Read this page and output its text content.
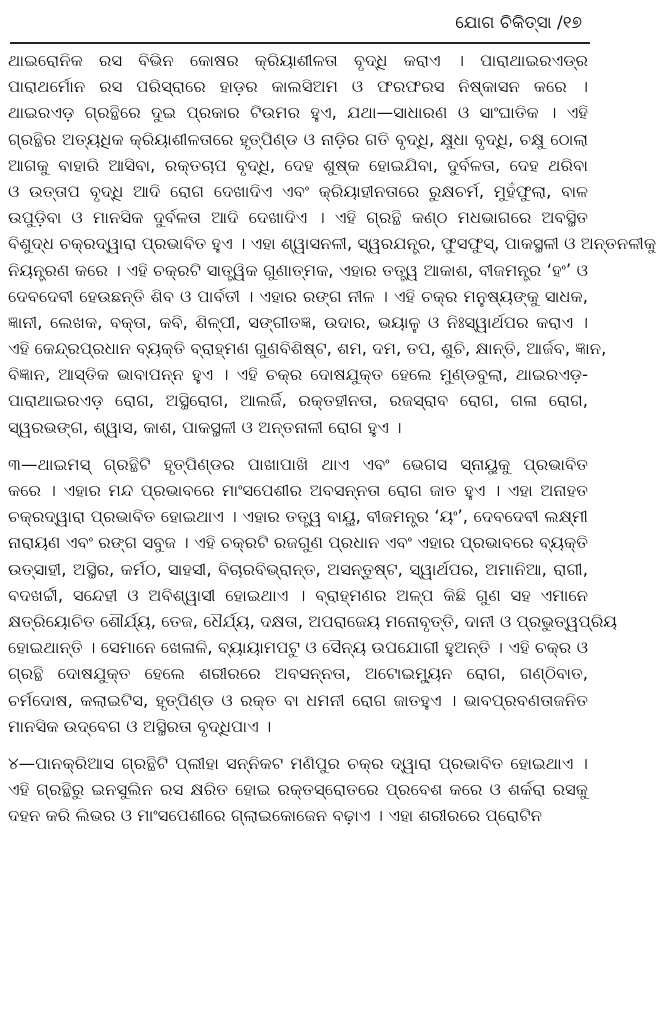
ଯୋଗ ଚିକିତ୍ସା /୧୭
ଥାଇରୋନିକ ରସ ବିଭିନ କୋଷର କ୍ରିୟାଶୀଳତା ବୃଦ୍ଧି କରାଏ । ପାରାଥାଇରଏଡ୍‌ର
ପାରାଥର୍ମୋନ ରସ ପରିସ୍ରାରେ ହାଡ଼ର କାଲସିଅମ ଓ ଫରଫରସ ନିଷ୍କାସନ କରେ ।
ଥାଇରଏଡ଼ ଗ୍ରନ୍ଥିରେ ଦୁଇ ପ୍ରକାର ଟିଉମର ହୁଏ, ଯଥା—ସାଧାରଣ ଓ ସାଂଘାତିକ । ଏହି
ଗ୍ରନ୍ଥିର ଅତ୍ୟଧିକ କ୍ରିୟାଶୀଳତାରେ ହୃତ୍‌ପିଣ୍ଡ ଓ ନାଡ଼ିର ଗତି ବୃଦ୍ଧି, କ୍ଷୁଧା ବୃଦ୍ଧି, ଚକ୍ଷୁ ଠୋଲା
ଆଗକୁ ବାହାରି ଆସିବା, ରକ୍ତଚାପ ବୃଦ୍ଧି, ଦେହ ଶୁଷ୍କ ହୋଇଯିବା, ଦୁର୍ବଳତା, ଦେହ ଥରିବା
ଓ ଉତ୍ତାପ ବୃଦ୍ଧି ଆଦି ରୋଗ ଦେଖାଦିଏ ଏବଂ କ୍ରିୟାହୀନତାରେ ରୁକ୍ଷଚର୍ମ, ମୁହଁଫୁଲା, ବାଳ
ଉପୁଡ଼ିବା ଓ ମାନସିକ ଦୁର୍ବଳତା ଆଦି ଦେଖାଦିଏ । ଏହି ଗ୍ରନ୍ଥି କଣ୍ଠ ମଧଭାଗରେ ଅବସ୍ଥିତ
ବିଶୁଦ୍ଧ ଚକ୍ରଦ୍ୱାରା ପ୍ରଭାବିତ ହୁଏ । ଏହା ଶ୍ୱାସନଳୀ, ସ୍ୱରଯନ୍ତ୍ର, ଫୁସଫୁସ୍‌, ପାକସ୍ଥଳୀ ଓ ଅନ୍ତନଳୀକୁ
ନିୟନ୍ତ୍ରଣ କରେ । ଏହି ଚକ୍ରଟି ସାତ୍ତ୍ୱିକ ଗୁଣାତ୍ମକ, ଏହାର ତତ୍ତ୍ୱ ଆକାଶ, ବୀଜମନ୍ତ୍ର ‘ହଂ’ ଓ
ଦେବଦେବୀ ହେଉଛନ୍ତି ଶିବ ଓ ପାର୍ବତୀ । ଏହାର ରଙ୍ଗ ନୀଳ । ଏହି ଚକ୍ର ମନୁଷ୍ୟଙ୍କୁ ସାଧକ,
ଜ୍ଞାନୀ, ଲେଖକ, ବକ୍ତା, କବି, ଶିଳ୍ପୀ, ସଙ୍ଗୀତଜ୍ଞ, ଉଦାର, ଭୟାଳୁ ଓ ନିଃସ୍ୱାର୍ଥପର କରାଏ ।
ଏହି କେନ୍ଦ୍ରପ୍ରଧାନ ବ୍ୟକ୍ତି ବ୍ରାହ୍ମଣ ଗୁଣବିଶିଷ୍ଟ, ଶମ, ଦମ, ତପ, ଶୁଚି, କ୍ଷାନ୍ତି, ଆର୍ଜବ, ଜ୍ଞାନ,
ବିଜ୍ଞାନ, ଆସ୍ତିକ ଭାବାପନ୍ନ ହୁଏ । ଏହି ଚକ୍ର ଦୋଷଯୁକ୍ତ ହେଲେ ମୁଣ୍ଡବୁଲା, ଥାଇରଏଡ଼-
ପାରାଥାଇରଏଡ଼ ରୋଗ, ଅସ୍ଥିରୋଗ, ଆଲର୍ଜି, ରକ୍ତହୀନତା, ରଜସ୍ରାବ ରୋଗ, ଗଳା ରୋଗ,
ସ୍ୱରଭଙ୍ଗ, ଶ୍ୱାସ, କାଶ, ପାକସ୍ଥଳୀ ଓ ଅନ୍ତନାଳୀ ରୋଗ ହୁଏ ।
୩—ଥାଇମସ୍‌ ଗ୍ରନ୍ଥିଟି ହୃତ୍‌ପିଣ୍ଡର ପାଖାପାଖି ଥାଏ ଏବଂ ଭେଗସ ସ୍ନାୟୁକୁ ପ୍ରଭାବିତ
କରେ । ଏହାର ମନ୍ଦ ପ୍ରଭାବରେ ମାଂସପେଶୀର ଅବସନ୍ନତା ରୋଗ ଜାତ ହୁଏ । ଏହା ଅନାହତ
ଚକ୍ରଦ୍ୱାରା ପ୍ରଭାବିତ ହୋଇଥାଏ । ଏହାର ତତ୍ତ୍ୱ ବାୟୁ, ବୀଜମନ୍ତ୍ର ‘ୟଂ’, ଦେବଦେବୀ ଲକ୍ଷ୍ମୀ
ନାରାୟଣ ଏବଂ ରଙ୍ଗ ସବୁଜ । ଏହି ଚକ୍ରଟି ରଜଗୁଣ ପ୍ରଧାନ ଏବଂ ଏହାର ପ୍ରଭାବରେ ବ୍ୟକ୍ତି
ଉତ୍ସାହୀ, ଅସ୍ଥିର, କର୍ମଠ, ସାହସୀ, ବିଚାରବିଭ୍ରାନ୍ତ, ଅସନ୍ତୁଷ୍ଟ, ସ୍ୱାର୍ଥପର, ଅମାନିଆ, ରାଗୀ,
ବଦଖର୍ଚ୍ଚୀ, ସନ୍ଦେହୀ ଓ ଅବିଶ୍ୱାସୀ ହୋଇଥାଏ । ବ୍ରାହ୍ମଣର ଅଳ୍ପ କିଛି ଗୁଣ ସହ ଏମାନେ
କ୍ଷତ୍ରିୟୋଚିତ ଶୌର୍ଯ୍ୟ, ତେଜ, ଧୈର୍ଯ୍ୟ, ଦକ୍ଷତା, ଅପରାଜେୟ ମନୋବୃତ୍ତି, ଦାନୀ ଓ ପ୍ରଭୁତ୍ୱପ୍ରିୟ
ହୋଇଥାନ୍ତି । ସେମାନେ ଖେଳାଳି, ବ୍ୟାୟାମପଟୁ ଓ ସୈନ୍ୟ ଉପଯୋଗୀ ହୁଅନ୍ତି । ଏହି ଚକ୍ର ଓ
ଗ୍ରନ୍ଥି ଦୋଷଯୁକ୍ତ ହେଲେ ଶରୀରରେ ଅବସନ୍ନତା, ଅଟୋଇମ୍ୟୁନ ରୋଗ, ଗଣ୍ଠିବାତ,
ଚର୍ମଦୋଷ, କଲାଇଟିସ, ହୃତ୍‌ପିଣ୍ଡ ଓ ରକ୍ତ ବା ଧମନୀ ରୋଗ ଜାତହୁଏ । ଭାବପ୍ରବଣତାଜନିତ
ମାନସିକ ଉଦ୍‌ବେଗ ଓ ଅସ୍ଥିରତା ବୃଦ୍ଧିପାଏ ।
୪—ପାନକ୍ରିଆସ ଗ୍ରନ୍ଥିଟି ପ୍ଲୀହା ସନ୍ନିକଟ ମଣିପୁର ଚକ୍ର ଦ୍ୱାରା ପ୍ରଭାବିତ ହୋଇଥାଏ ।
ଏହି ଗ୍ରନ୍ଥିରୁ ଇନସୁଲିନ ରସ କ୍ଷରିତ ହୋଇ ରକ୍ତସ୍ରୋତରେ ପ୍ରବେଶ କରେ ଓ ଶର୍କରା ରସକୁ
ଦହନ କରି ଲିଭର ଓ ମାଂସପେଶୀରେ ଗ୍ଲାଇକୋଜେନ ବଢ଼ାଏ । ଏହା ଶରୀରରେ ପ୍ରୋଟିନ
